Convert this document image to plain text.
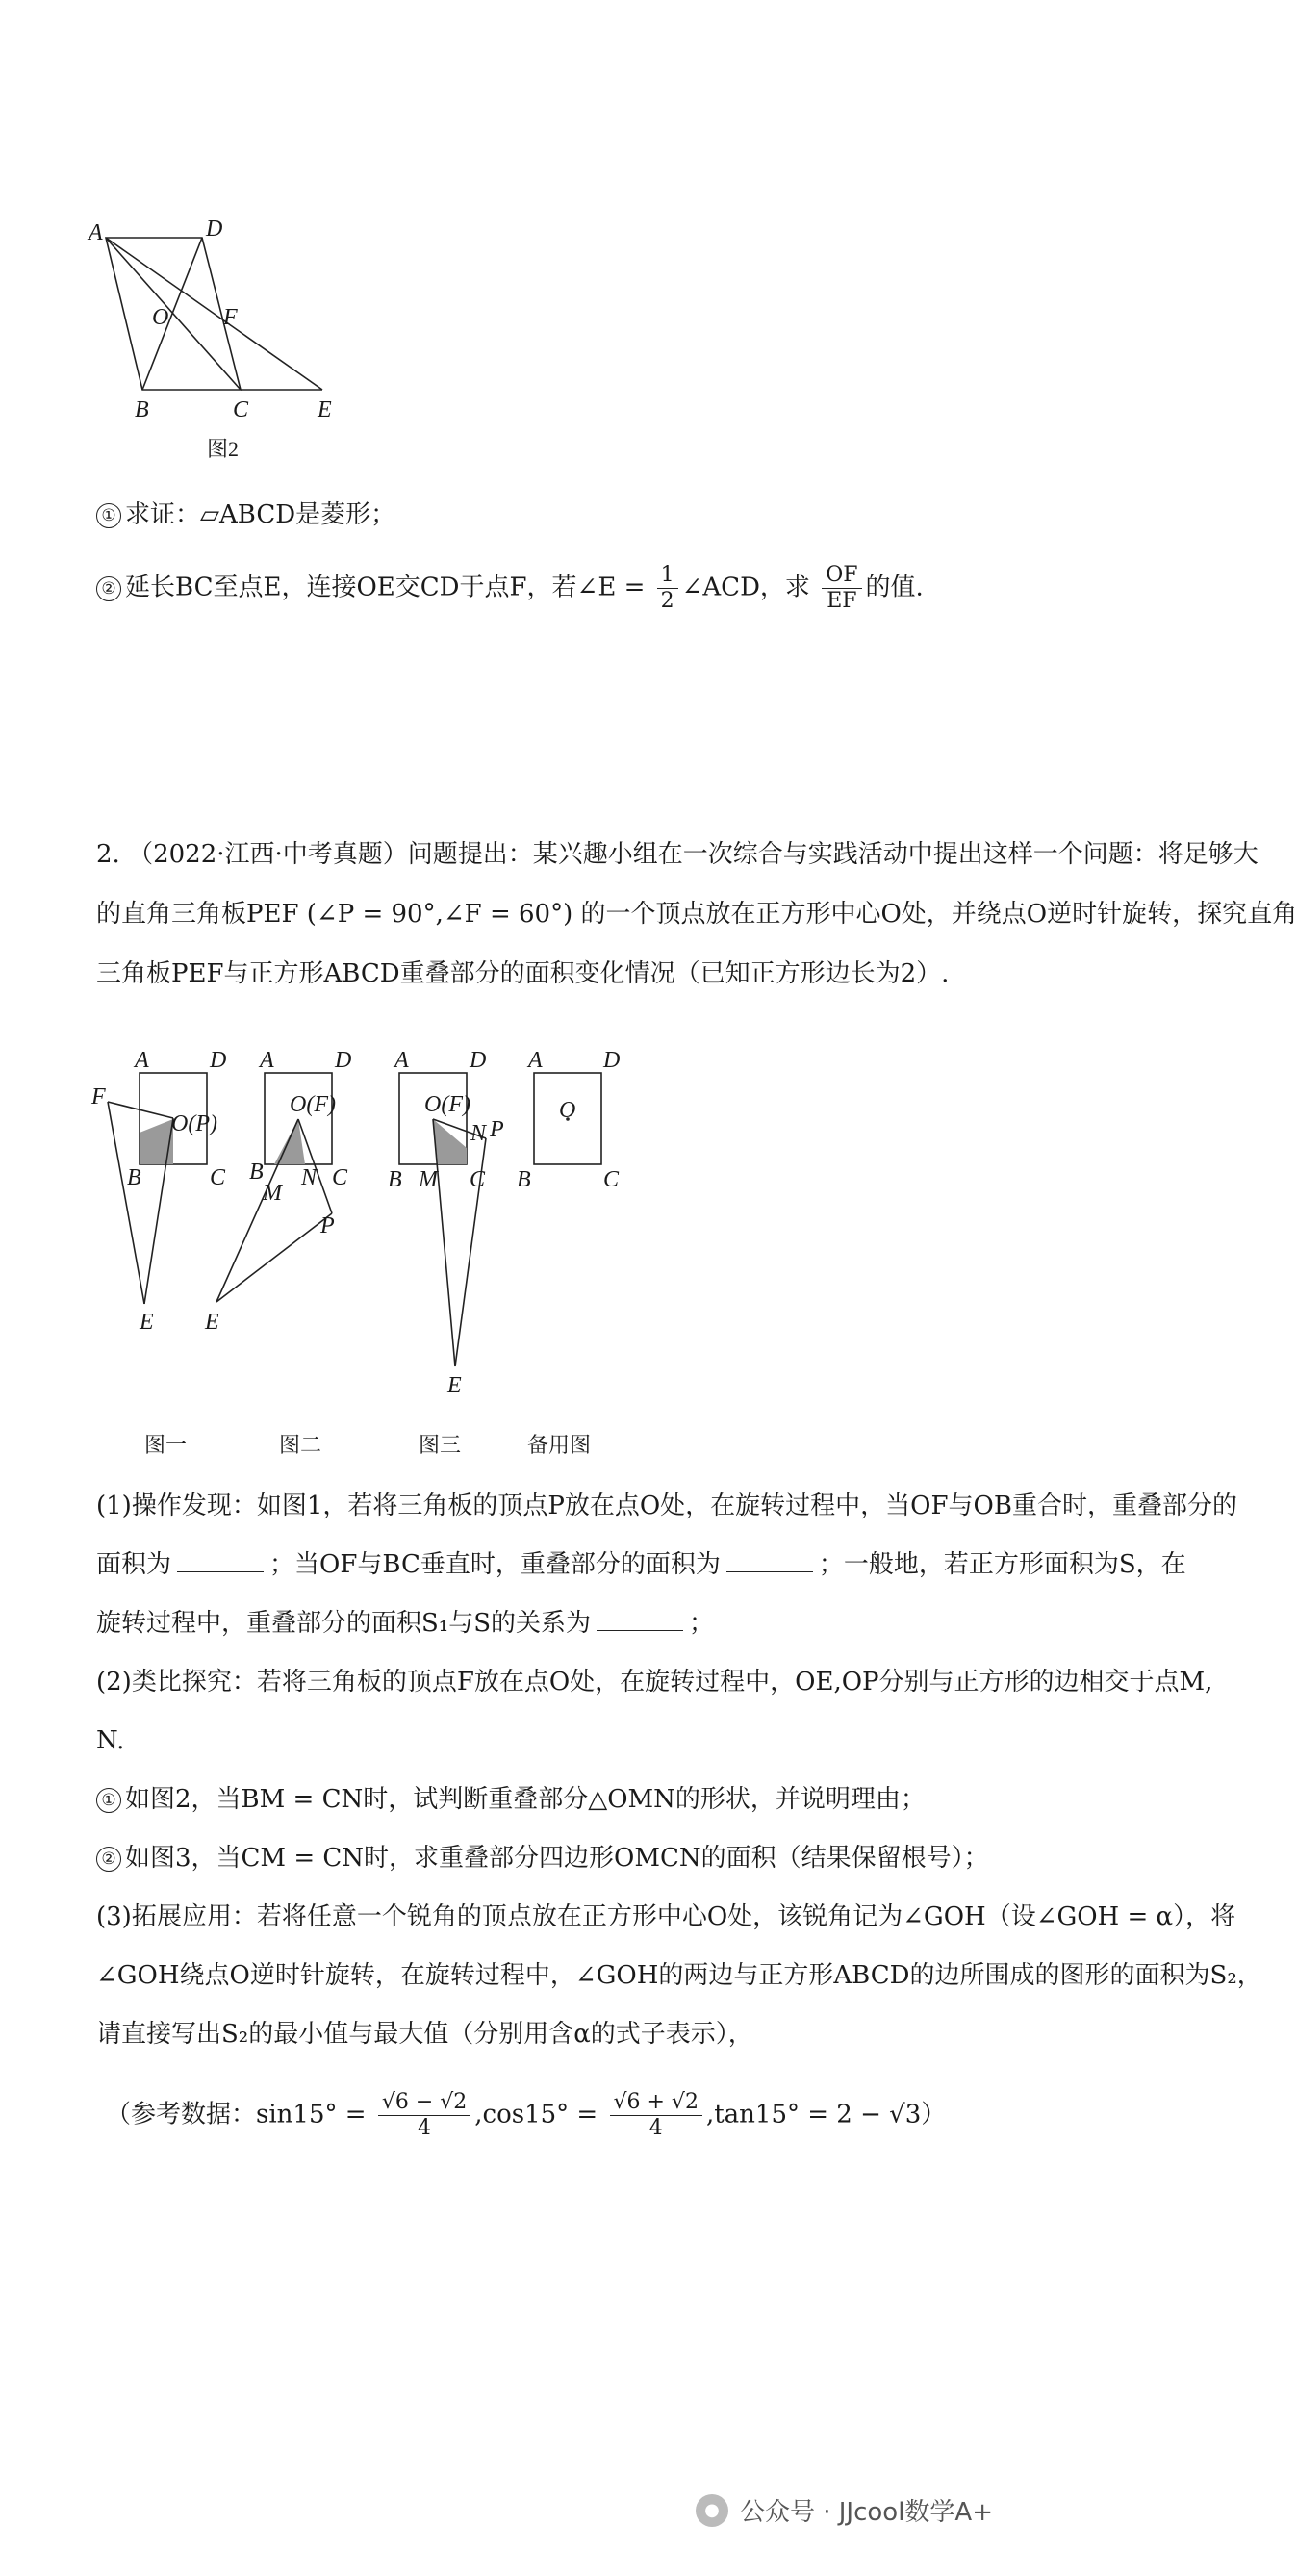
A	D
O F
B	C	E
图2
① 求证：▱ABCD是菱形；
② 延长BC至点E，连接OE交CD于点F，若∠E = $\frac{1}{2}$ ∠ACD，求 $\frac{OF}{EF}$ 的值.
2. （2022·江西·中考真题）问题提出：某兴趣小组在一次综合与实践活动中提出这样一个问题：将足够大
的直角三角板PEF (∠P = 90°,∠F = 60°) 的一个顶点放在正方形中心O处，并绕点O逆时针旋转，探究直角
三角板PEF与正方形ABCD重叠部分的面积变化情况（已知正方形边长为2）.
A	D
F
O(P)
B	C
E
A	D
O(F)
B
M
N C
P
E
A	D
O(F)
N P
B M C
E
A	D
O
B	C
图一	图二	图三	备用图
(1)操作发现：如图1，若将三角板的顶点P放在点O处，在旋转过程中，当OF与OB重合时，重叠部分的
面积为	；当OF与BC垂直时，重叠部分的面积为	；一般地，若正方形面积为S，在
旋转过程中，重叠部分的面积S₁与S的关系为	；
(2)类比探究：若将三角板的顶点F放在点O处，在旋转过程中，OE,OP分别与正方形的边相交于点M,
N.
① 如图2，当BM = CN时，试判断重叠部分△OMN的形状，并说明理由；
② 如图3，当CM = CN时，求重叠部分四边形OMCN的面积（结果保留根号）；
(3)拓展应用：若将任意一个锐角的顶点放在正方形中心O处，该锐角记为∠GOH（设∠GOH = α），将
∠GOH绕点O逆时针旋转，在旋转过程中，∠GOH的两边与正方形ABCD的边所围成的图形的面积为S₂，
请直接写出S₂的最小值与最大值（分别用含α的式子表示），
（参考数据：$\sin 15^\circ = \frac{√6 - √2}{4} ,\cos 15^\circ = \frac{√6 + √2}{4} ,\tan 15^\circ = 2 - √3$）
● 公众号 · JJcool数学A+
